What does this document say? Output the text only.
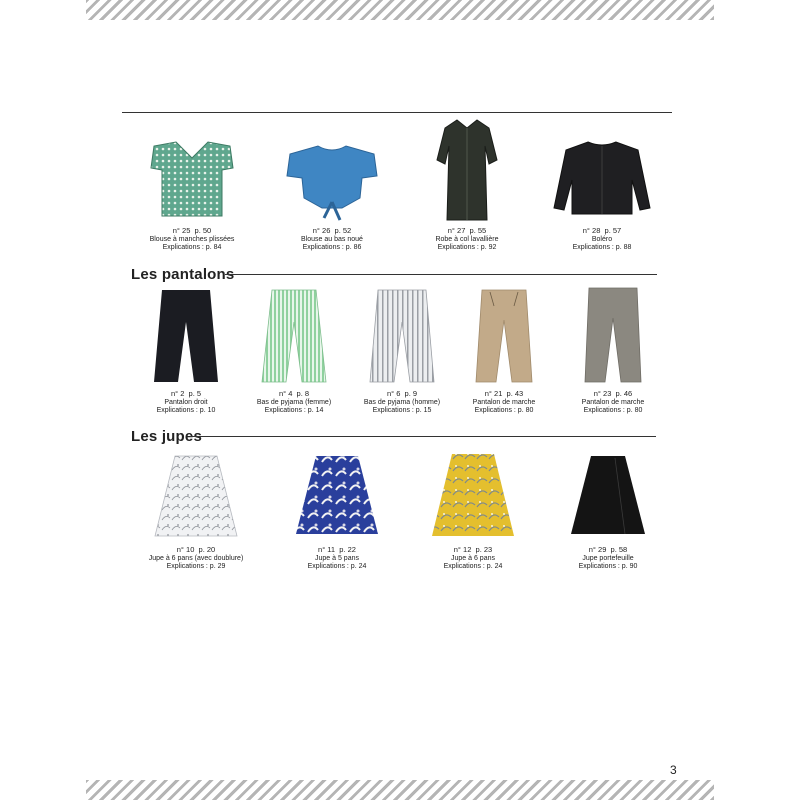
n° 25 p. 50
Blouse à manches plissées
Explications : p. 84
n° 26 p. 52
Blouse au bas noué
Explications : p. 86
n° 27 p. 55
Robe à col lavallière
Explications : p. 92
n° 28 p. 57
Boléro
Explications : p. 88
Les pantalons
n° 2 p. 5
Pantalon droit
Explications : p. 10
n° 4 p. 8
Bas de pyjama (femme)
Explications : p. 14
n° 6 p. 9
Bas de pyjama (homme)
Explications : p. 15
n° 21 p. 43
Pantalon de marche
Explications : p. 80
n° 23 p. 46
Pantalon de marche
Explications : p. 80
Les jupes
n° 10 p. 20
Jupe à 6 pans (avec doublure)
Explications : p. 29
n° 11 p. 22
Jupe à 5 pans
Explications : p. 24
n° 12 p. 23
Jupe à 6 pans
Explications : p. 24
n° 29 p. 58
Jupe portefeuille
Explications : p. 90
3
